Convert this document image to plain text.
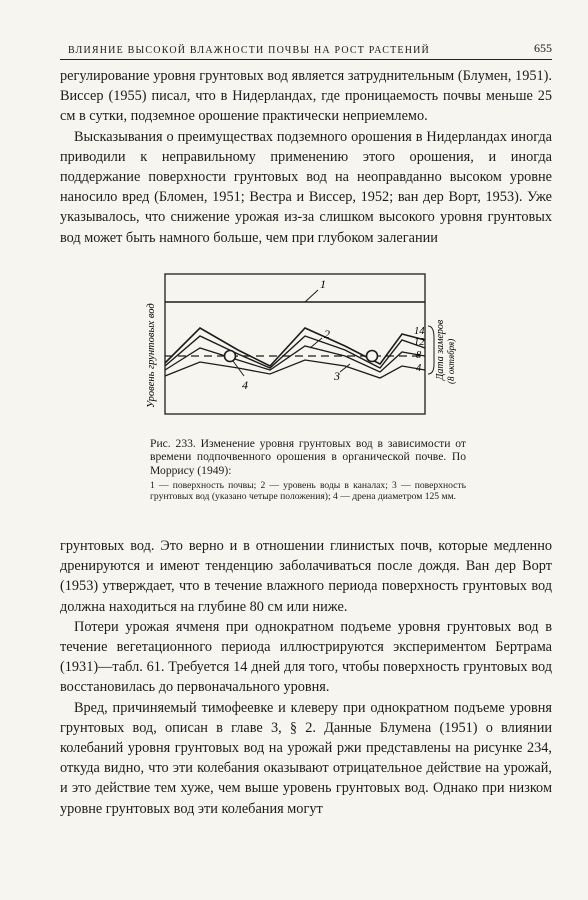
ВЛИЯНИЕ ВЫСОКОЙ ВЛАЖНОСТИ ПОЧВЫ НА РОСТ РАСТЕНИЙ	655

регулирование уровня грунтовых вод является затруднительным (Блумен, 1951). Виссер (1955) писал, что в Нидерландах, где проницаемость почвы меньше 25 см в сутки, подземное орошение практически неприемлемо.

Высказывания о преимуществах подземного орошения в Нидерландах иногда приводили к неправильному применению этого орошения, и иногда поддержание поверхности грунтовых вод на неоправданно высоком уровне наносило вред (Бломен, 1951; Вестра и Виссер, 1952; ван дер Ворт, 1953). Уже указывалось, что снижение урожая из-за слишком высокого уровня грунтовых вод может быть намного больше, чем при глубоком залегании

1
2
4
3
14
12
8
4 Дата замеров (8 октября)
Уровень грунтовых вод
Рис. 233. Изменение уровня грунтовых вод в зависимости от времени подпочвенного орошения в органической почве. По Моррису (1949):
1 — поверхность почвы; 2 — уровень воды в каналах; 3 — поверхность грунтовых вод (указано четыре положения); 4 — дрена диаметром 125 мм.

грунтовых вод. Это верно и в отношении глинистых почв, которые медленно дренируются и имеют тенденцию заболачиваться после дождя. Ван дер Ворт (1953) утверждает, что в течение влажного периода поверхность грунтовых вод должна находиться на глубине 80 см или ниже.

Потери урожая ячменя при однократном подъеме уровня грунтовых вод в течение вегетационного периода иллюстрируются экспериментом Бертрама (1931)—табл. 61. Требуется 14 дней для того, чтобы поверхность грунтовых вод восстановилась до первоначального уровня.

Вред, причиняемый тимофеевке и клеверу при однократном подъеме уровня грунтовых вод, описан в главе 3, § 2. Данные Блумена (1951) о влиянии колебаний уровня грунтовых вод на урожай ржи представлены на рисунке 234, откуда видно, что эти колебания оказывают отрицательное действие на урожай, и это действие тем хуже, чем выше уровень грунтовых вод. Однако при низком уровне грунтовых вод эти колебания могут
